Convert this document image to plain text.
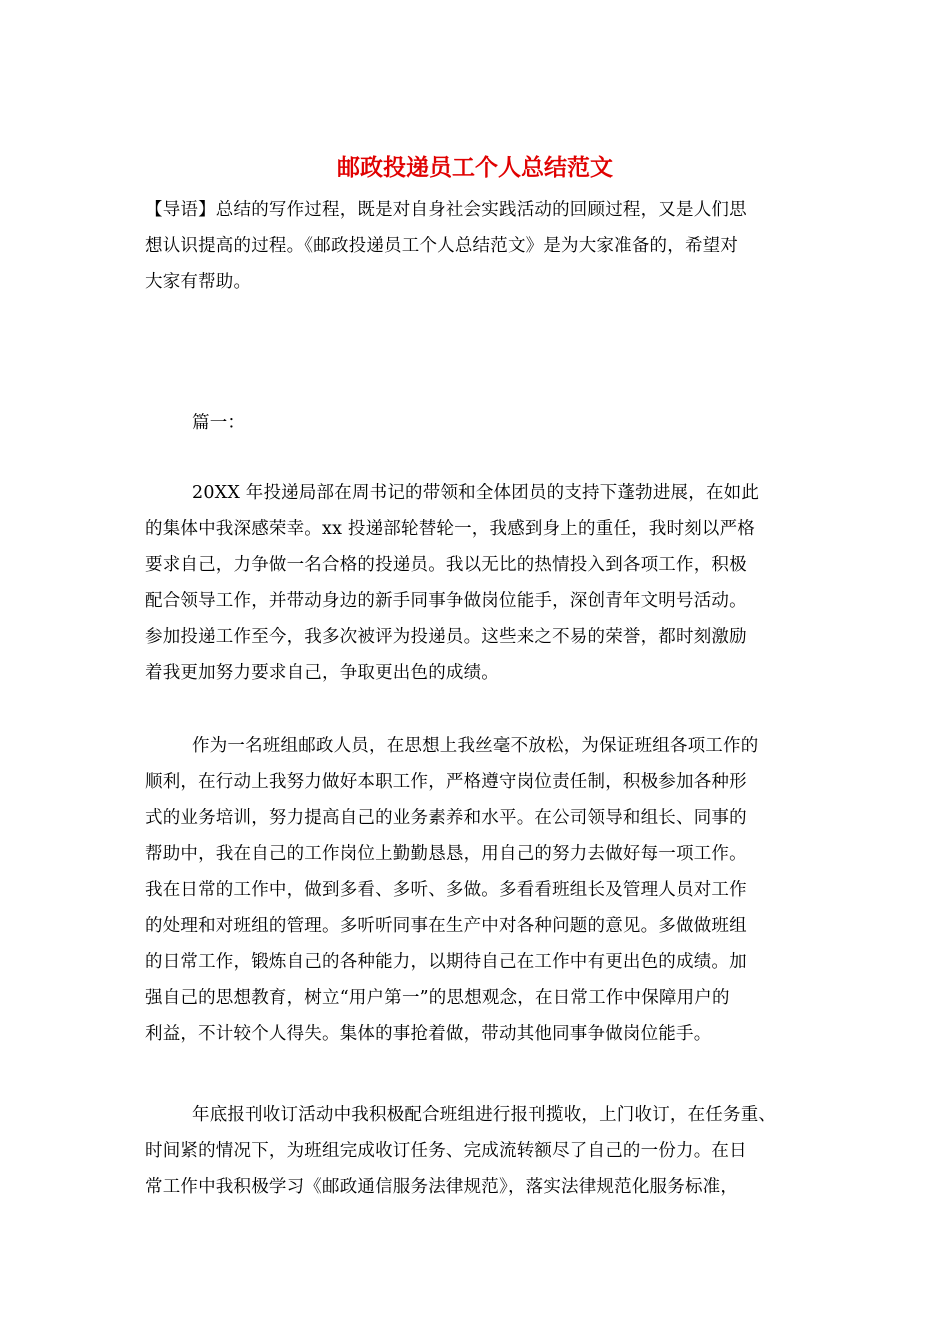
邮政投递员工个人总结范文
【导语】总结的写作过程，既是对自身社会实践活动的回顾过程，又是人们思
想认识提高的过程。《邮政投递员工个人总结范文》是为大家准备的，希望对
大家有帮助。
篇一：
20XX 年投递局部在周书记的带领和全体团员的支持下蓬勃进展，在如此
的集体中我深感荣幸。xx 投递部轮替轮一，我感到身上的重任，我时刻以严格
要求自己，力争做一名合格的投递员。我以无比的热情投入到各项工作，积极
配合领导工作，并带动身边的新手同事争做岗位能手，深创青年文明号活动。
参加投递工作至今，我多次被评为投递员。这些来之不易的荣誉，都时刻激励
着我更加努力要求自己，争取更出色的成绩。
作为一名班组邮政人员，在思想上我丝毫不放松，为保证班组各项工作的
顺利，在行动上我努力做好本职工作，严格遵守岗位责任制，积极参加各种形
式的业务培训，努力提高自己的业务素养和水平。在公司领导和组长、同事的
帮助中，我在自己的工作岗位上勤勤恳恳，用自己的努力去做好每一项工作。
我在日常的工作中，做到多看、多听、多做。多看看班组长及管理人员对工作
的处理和对班组的管理。多听听同事在生产中对各种问题的意见。多做做班组
的日常工作，锻炼自己的各种能力，以期待自己在工作中有更出色的成绩。加
强自己的思想教育，树立“用户第一”的思想观念，在日常工作中保障用户的
利益，不计较个人得失。集体的事抢着做，带动其他同事争做岗位能手。
年底报刊收订活动中我积极配合班组进行报刊揽收，上门收订，在任务重、
时间紧的情况下，为班组完成收订任务、完成流转额尽了自己的一份力。在日
常工作中我积极学习《邮政通信服务法律规范》，落实法律规范化服务标准，
